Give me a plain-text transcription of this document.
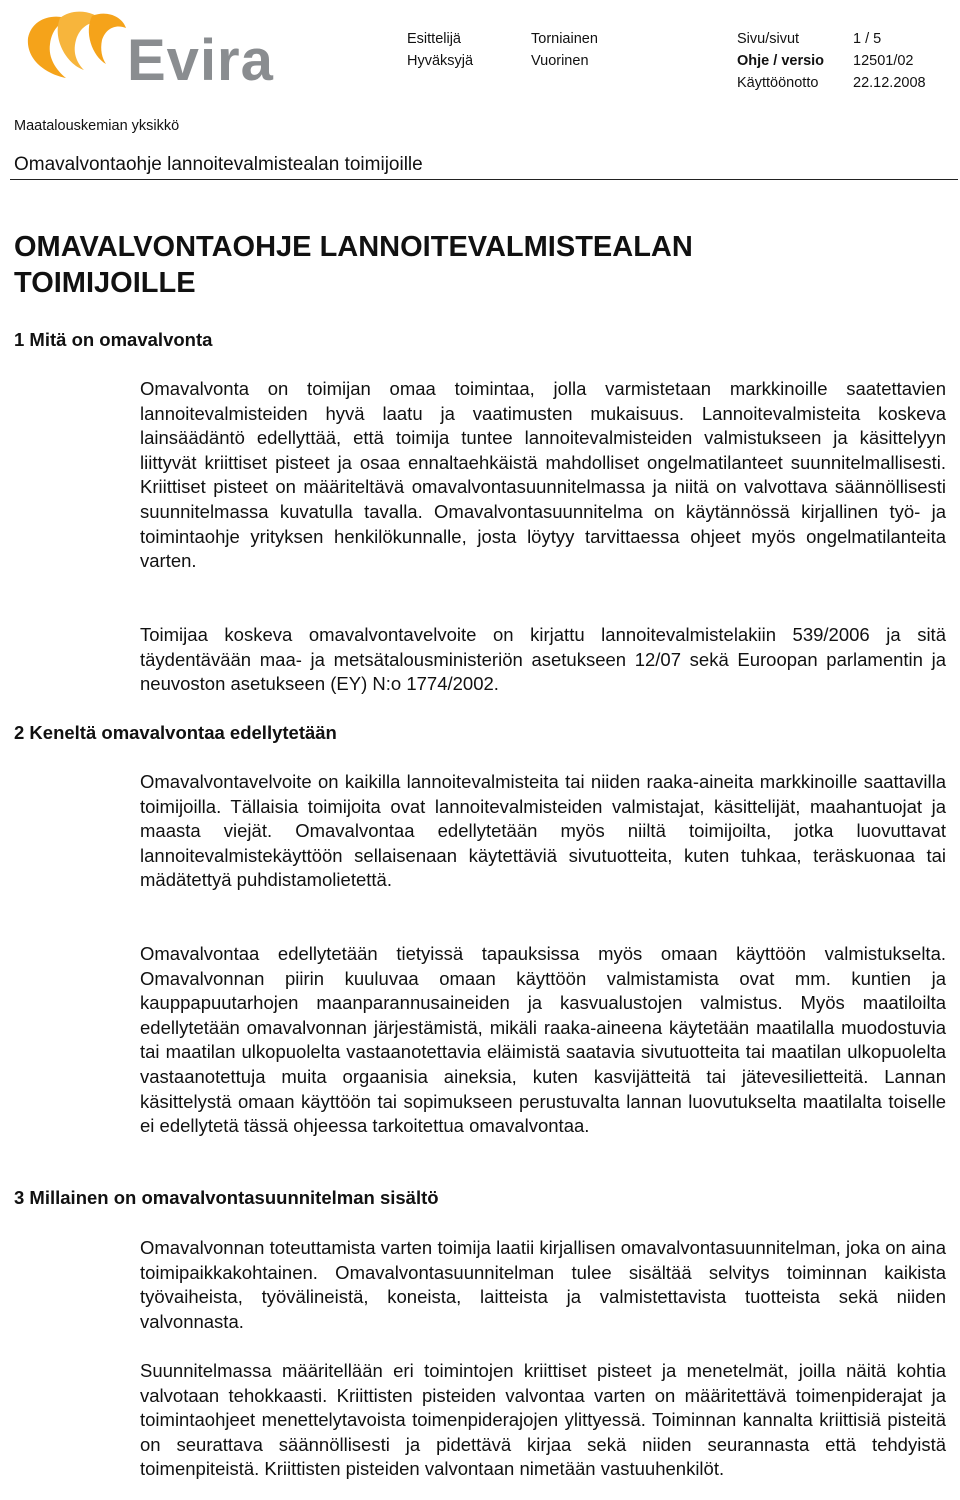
Evira	Esittelijä	Torniainen	Sivu/sivut	1 / 5
Hyväksyjä	Vuorinen	Ohje / versio 12501/02
Käyttöönotto 22.12.2008
Maatalouskemian yksikkö
Omavalvontaohje lannoitevalmistealan toimijoille
OMAVALVONTAOHJE LANNOITEVALMISTEALAN
TOIMIJOILLE
1 Mitä on omavalvonta

Omavalvonta on toimijan omaa toimintaa, jolla varmistetaan markkinoille saatettavien lannoitevalmisteiden hyvä laatu ja vaatimusten mukaisuus. Lannoitevalmisteita koskeva lainsäädäntö edellyttää, että toimija tuntee lannoitevalmisteiden valmistukseen ja käsittelyyn liittyvät kriittiset pisteet ja osaa ennaltaehkäistä mahdolliset ongelmatilanteet suunnitelmallisesti. Kriittiset pisteet on määriteltävä omavalvontasuunnitelmassa ja niitä on valvottava säännöllisesti suunnitelmassa kuvatulla tavalla. Omavalvontasuunnitelma on käytännössä kirjallinen työ- ja toimintaohje yrityksen henkilökunnalle, josta löytyy tarvittaessa ohjeet myös ongelmatilanteita varten.

Toimijaa koskeva omavalvontavelvoite on kirjattu lannoitevalmistelakiin 539/2006 ja sitä täydentävään maa- ja metsätalousministeriön asetukseen 12/07 sekä Euroopan parlamentin ja neuvoston asetukseen (EY) N:o 1774/2002.

2 Keneltä omavalvontaa edellytetään

Omavalvontavelvoite on kaikilla lannoitevalmisteita tai niiden raaka-aineita markkinoille saattavilla toimijoilla. Tällaisia toimijoita ovat lannoitevalmisteiden valmistajat, käsittelijät, maahantuojat ja maasta viejät. Omavalvontaa edellytetään myös niiltä toimijoilta, jotka luovuttavat lannoitevalmistekäyttöön sellaisenaan käytettäviä sivutuotteita, kuten tuhkaa, teräskuonaa tai mädätettyä puhdistamolietettä.

Omavalvontaa edellytetään tietyissä tapauksissa myös omaan käyttöön valmistukselta. Omavalvonnan piirin kuuluvaa omaan käyttöön valmistamista ovat mm. kuntien ja kauppapuutarhojen maanparannusaineiden ja kasvualustojen valmistus. Myös maatiloilta edellytetään omavalvonnan järjestämistä, mikäli raaka-aineena käytetään maatilalla muodostuvia tai maatilan ulkopuolelta vastaanotettavia eläimistä saatavia sivutuotteita tai maatilan ulkopuolelta vastaanotettuja muita orgaanisia aineksia, kuten kasvijätteitä tai jätevesilietteitä. Lannan käsittelystä omaan käyttöön tai sopimukseen perustuvalta lannan luovutukselta maatilalta toiselle ei edellytetä tässä ohjeessa tarkoitettua omavalvontaa.

3 Millainen on omavalvontasuunnitelman sisältö

Omavalvonnan toteuttamista varten toimija laatii kirjallisen omavalvontasuunnitelman, joka on aina toimipaikkakohtainen. Omavalvontasuunnitelman tulee sisältää selvitys toiminnan kaikista työvaiheista, työvälineistä, koneista, laitteista ja valmistettavista tuotteista sekä niiden valvonnasta.

Suunnitelmassa määritellään eri toimintojen kriittiset pisteet ja menetelmät, joilla näitä kohtia valvotaan tehokkaasti. Kriittisten pisteiden valvontaa varten on määritettävä toimenpiderajat ja toimintaohjeet menettelytavoista toimenpiderajojen ylittyessä. Toiminnan kannalta kriittisiä pisteitä on seurattava säännöllisesti ja pidettävä kirjaa sekä niiden seurannasta että tehdyistä toimenpiteistä. Kriittisten pisteiden valvontaan nimetään vastuuhenkilöt.
